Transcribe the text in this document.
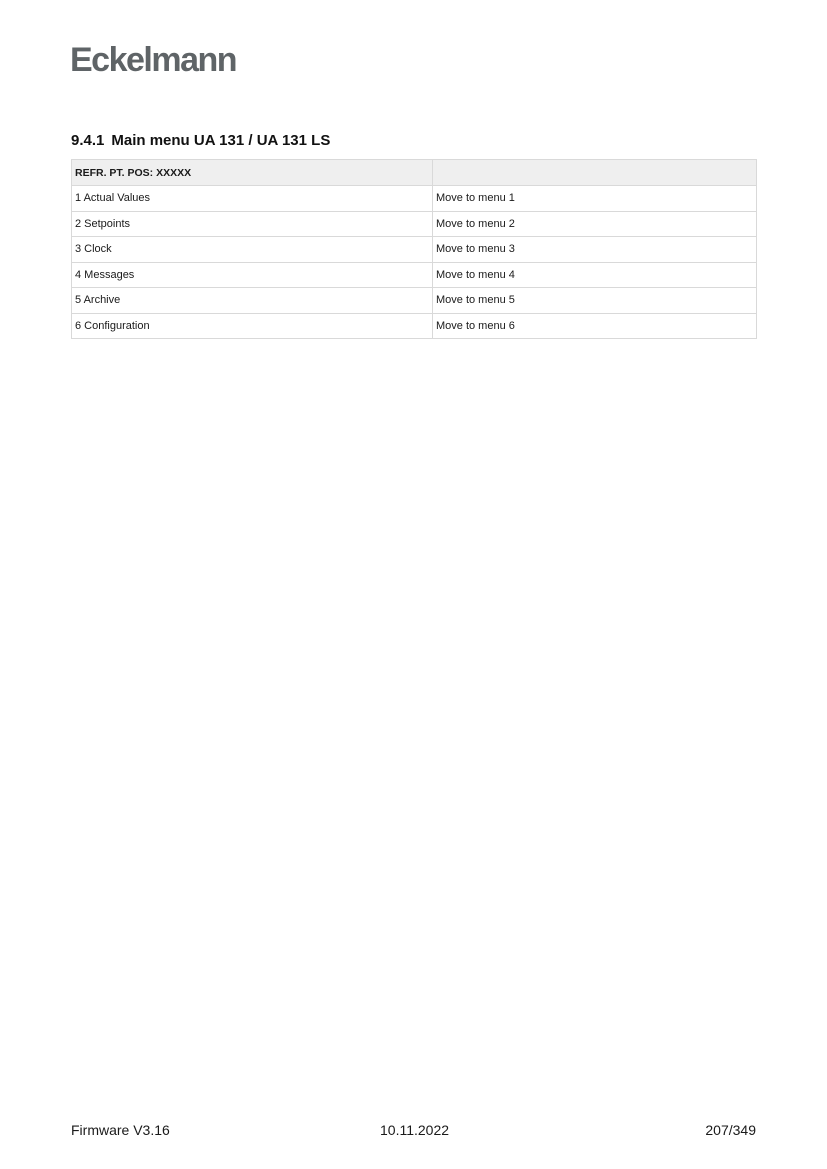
Eckelmann
9.4.1 Main menu UA 131 / UA 131 LS
REFR. PT. POS: XXXXX	
1 Actual Values	Move to menu 1
2 Setpoints	Move to menu 2
3 Clock	Move to menu 3
4 Messages	Move to menu 4
5 Archive	Move to menu 5
6 Configuration	Move to menu 6
Firmware V3.16	10.11.2022	207/349
